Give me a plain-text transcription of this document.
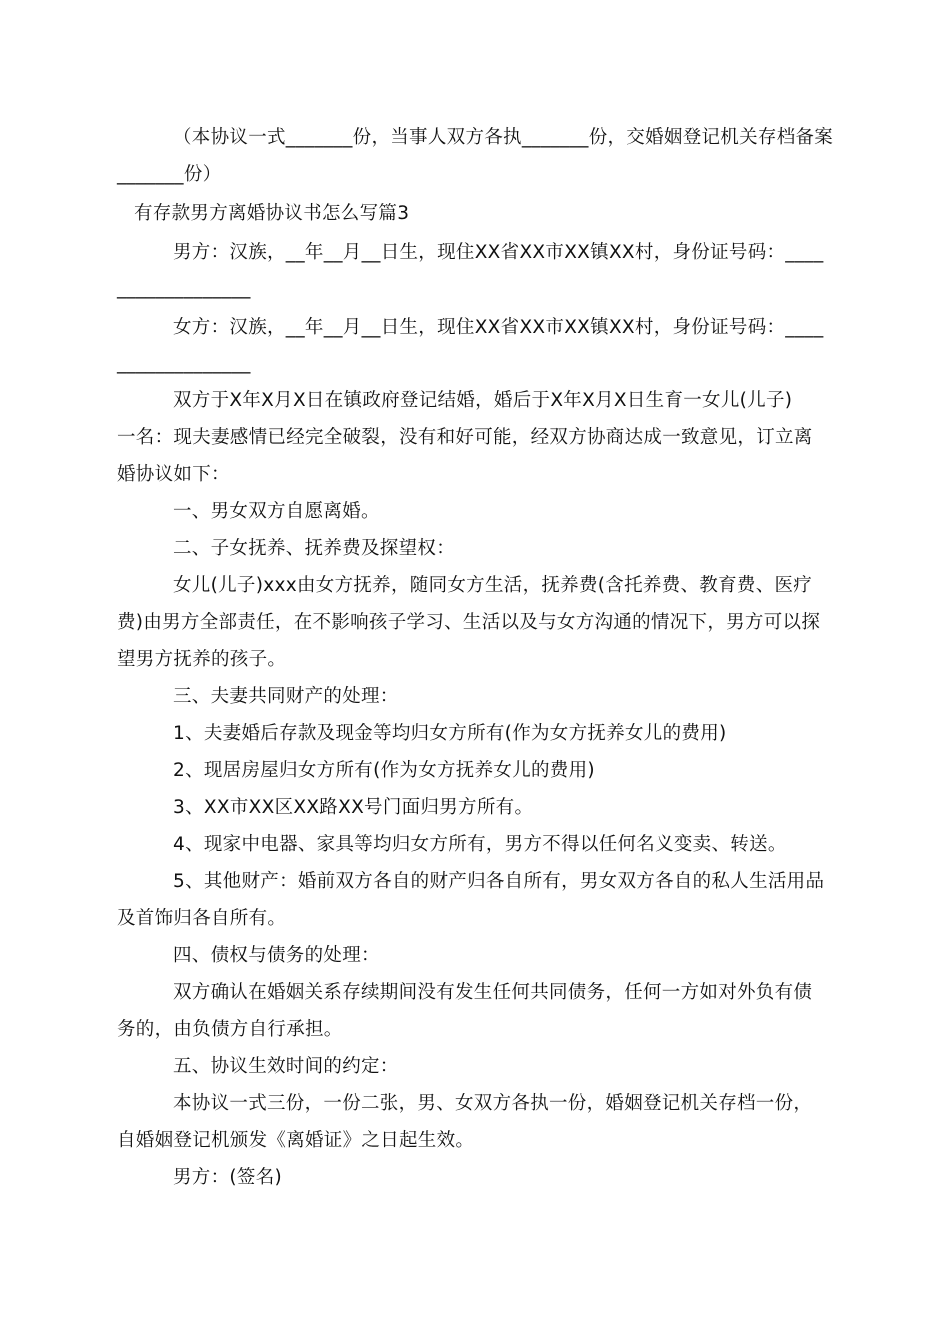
（本协议一式_______份，当事人双方各执_______份，交婚姻登记机关存档备案
_______份）
有存款男方离婚协议书怎么写篇3
男方：汉族，__年__月__日生，现住XX省XX市XX镇XX村，身份证号码：____
______________
女方：汉族，__年__月__日生，现住XX省XX市XX镇XX村，身份证号码：____
______________
双方于X年X月X日在镇政府登记结婚，婚后于X年X月X日生育一女儿(儿子)
一名：现夫妻感情已经完全破裂，没有和好可能，经双方协商达成一致意见，订立离
婚协议如下：
一、男女双方自愿离婚。
二、子女抚养、抚养费及探望权：
女儿(儿子)xxx由女方抚养，随同女方生活，抚养费(含托养费、教育费、医疗
费)由男方全部责任，在不影响孩子学习、生活以及与女方沟通的情况下，男方可以探
望男方抚养的孩子。
三、夫妻共同财产的处理：
1、夫妻婚后存款及现金等均归女方所有(作为女方抚养女儿的费用)
2、现居房屋归女方所有(作为女方抚养女儿的费用)
3、XX市XX区XX路XX号门面归男方所有。
4、现家中电器、家具等均归女方所有，男方不得以任何名义变卖、转送。
5、其他财产：婚前双方各自的财产归各自所有，男女双方各自的私人生活用品
及首饰归各自所有。
四、债权与债务的处理：
双方确认在婚姻关系存续期间没有发生任何共同债务，任何一方如对外负有债
务的，由负债方自行承担。
五、协议生效时间的约定：
本协议一式三份，一份二张，男、女双方各执一份，婚姻登记机关存档一份，
自婚姻登记机颁发《离婚证》之日起生效。
男方：(签名)
